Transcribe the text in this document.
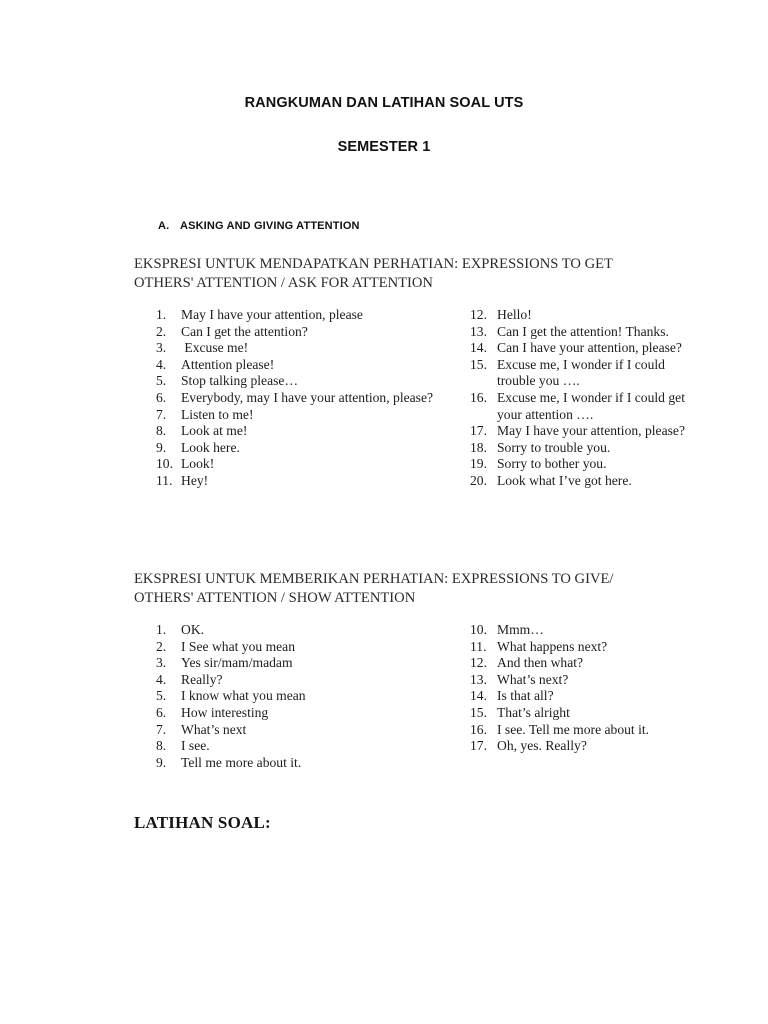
RANGKUMAN DAN LATIHAN SOAL UTS
SEMESTER 1
A. ASKING AND GIVING ATTENTION
EKSPRESI UNTUK MENDAPATKAN PERHATIAN: EXPRESSIONS TO GET OTHERS' ATTENTION / ASK FOR ATTENTION
1.	May I have your attention, please
2.	Can I get the attention?
3.	Excuse me!
4.	Attention please!
5.	Stop talking please…
6.	Everybody, may I have your attention, please?
7.	Listen to me!
8.	Look at me!
9.	Look here.
10. Look!
11. Hey!
12. Hello!
13. Can I get the attention! Thanks.
14. Can I have your attention, please?
15. Excuse me, I wonder if I could trouble you ….
16. Excuse me, I wonder if I could get your attention ….
17. May I have your attention, please?
18. Sorry to trouble you.
19. Sorry to bother you.
20. Look what I’ve got here.
EKSPRESI UNTUK MEMBERIKAN PERHATIAN: EXPRESSIONS TO GIVE/ OTHERS' ATTENTION / SHOW ATTENTION
1.	OK.
2.	I See what you mean
3.	Yes sir/mam/madam
4.	Really?
5.	I know what you mean
6.	How interesting
7.	What’s next
8.	I see.
9.	Tell me more about it.
10. Mmm…
11. What happens next?
12. And then what?
13. What’s next?
14. Is that all?
15. That’s alright
16. I see. Tell me more about it.
17. Oh, yes. Really?
LATIHAN SOAL:
